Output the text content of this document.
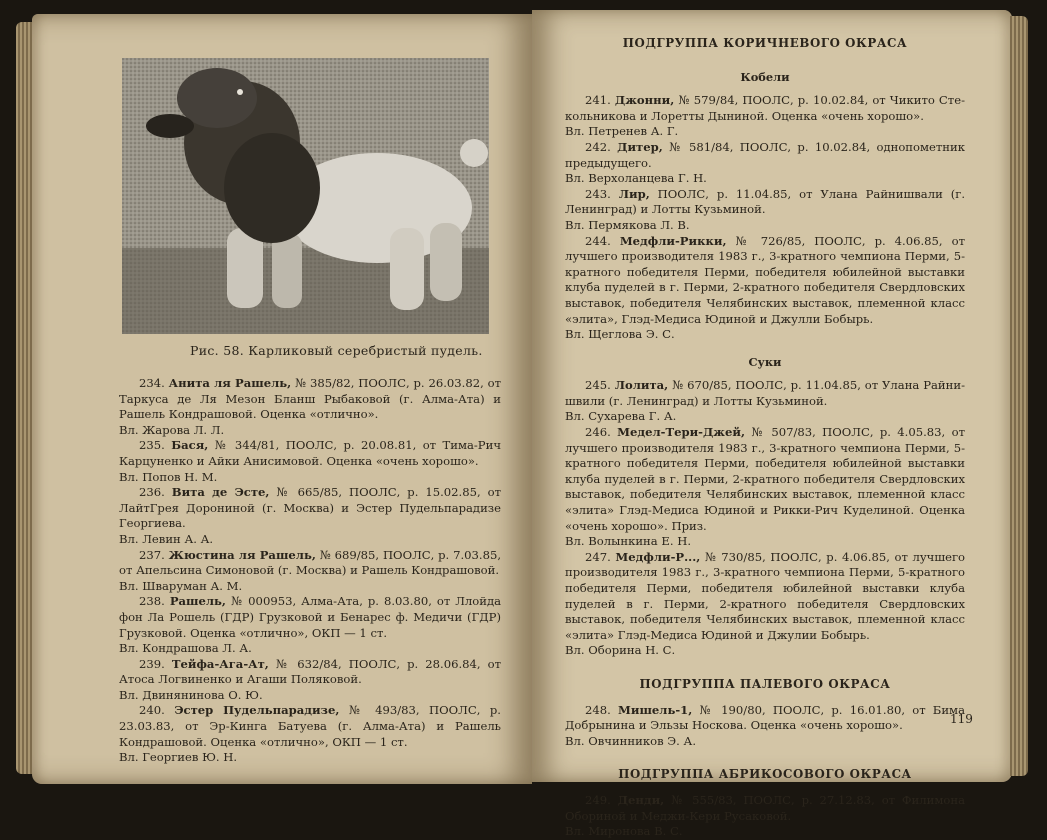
Рис. 58. Карликовый серебристый пудель.

234. Анита ля Рашель, № 385/82, ПООЛС, р. 26.03.82, от Таркуса де Ля Мезон Бланш Рыбаковой (г. Алма-Ата) и Рашель Кондрашовой. Оценка «отлично».

Вл. Жарова Л. Л.

235. Бася, № 344/81, ПООЛС, р. 20.08.81, от Тима-Рич Карцуненко и Айки Анисимовой. Оценка «очень хорошо».

Вл. Попов Н. М.

236. Вита де Эсте, № 665/85, ПООЛС, р. 15.02.85, от ЛайтГрея Дорониной (г. Москва) и Эстер Пудельпарадизе Георгиева.

Вл. Левин А. А.

237. Жюстина ля Рашель, № 689/85, ПООЛС, р. 7.03.85, от Апельсина Симоновой (г. Москва) и Рашель Кондрашовой.

Вл. Шваруман А. М.

238. Рашель, № 000953, Алма-Ата, р. 8.03.80, от Ллойда фон Ла Рошель (ГДР) Грузковой и Бенарес ф. Медичи (ГДР) Грузковой. Оценка «отлично», ОКП — 1 ст.

Вл. Кондрашова Л. А.

239. Тейфа-Ага-Ат, № 632/84, ПООЛС, р. 28.06.84, от Атоса Логвиненко и Агаши Поляковой.

Вл. Двинянинова О. Ю.

240. Эстер Пудельпарадизе, № 493/83, ПООЛС, р. 23.03.83, от Эр-Кинга Батуева (г. Алма-Ата) и Рашель Кондрашовой. Оценка «отлично», ОКП — 1 ст.

Вл. Георгиев Ю. Н.

ПОДГРУППА КОРИЧНЕВОГО ОКРАСА

Кобели

241. Джонни, № 579/84, ПООЛС, р. 10.02.84, от Чикито Стекольникова и Лоретты Дыниной. Оценка «очень хорошо».

Вл. Петренев А. Г.

242. Дитер, № 581/84, ПООЛС, р. 10.02.84, однопометник предыдущего.

Вл. Верхоланцева Г. Н.

243. Лир, ПООЛС, р. 11.04.85, от Улана Райнишвали (г. Ленинград) и Лотты Кузьминой.

Вл. Пермякова Л. В.

244. Медфли-Рикки, № 726/85, ПООЛС, р. 4.06.85, от лучшего производителя 1983 г., 3-кратного чемпиона Перми, 5-кратного победителя Перми, победителя юбилейной выставки клуба пуделей в г. Перми, 2-кратного победителя Свердловских выставок, победителя Челябинских выставок, племенной класс «элита», Глэд-Медиса Юдиной и Джулли Бобырь.

Вл. Щеглова Э. С.

Суки

245. Лолита, № 670/85, ПООЛС, р. 11.04.85, от Улана Райнишвили (г. Ленинград) и Лотты Кузьминой.

Вл. Сухарева Г. А.

246. Медел-Тери-Джей, № 507/83, ПООЛС, р. 4.05.83, от лучшего производителя 1983 г., 3-кратного чемпиона Перми, 5-кратного победителя Перми, победителя юбилейной выставки клуба пуделей в г. Перми, 2-кратного победителя Свердловских выставок, победителя Челябинских выставок, племенной класс «элита» Глэд-Медиса Юдиной и Рикки-Рич Куделиной. Оценка «очень хорошо». Приз.

Вл. Волынкина Е. Н.

247. Медфли-Р..., № 730/85, ПООЛС, р. 4.06.85, от лучшего производителя 1983 г., 3-кратного чемпиона Перми, 5-кратного победителя Перми, победителя юбилейной выставки клуба пуделей в г. Перми, 2-кратного победителя Свердловских выставок, победителя Челябинских выставок, племенной класс «элита» Глэд-Медиса Юдиной и Джулии Бобырь.

Вл. Оборина Н. С.

ПОДГРУППА ПАЛЕВОГО ОКРАСА

248. Мишель-1, № 190/80, ПООЛС, р. 16.01.80, от Бима Добрынина и Эльзы Носкова. Оценка «очень хорошо».

Вл. Овчинников Э. А.

ПОДГРУППА АБРИКОСОВОГО ОКРАСА

249. Денди, № 555/83, ПООЛС, р. 27.12.83, от Филимона Обориной и Меджи-Кери Русаковой.

Вл. Миронова В. С.

119
